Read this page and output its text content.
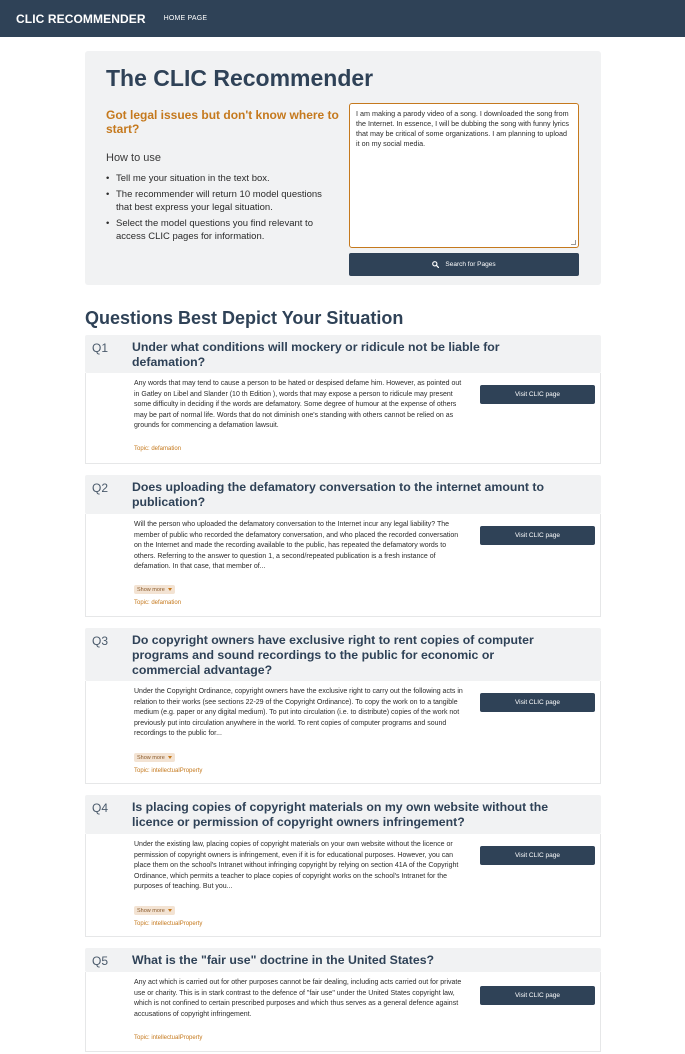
CLIC RECOMMENDER	HOME PAGE
The CLIC Recommender
Got legal issues but don't know where to start?
How to use
• Tell me your situation in the text box.
• The recommender will return 10 model questions that best express your legal situation.
• Select the model questions you find relevant to access CLIC pages for information.
I am making a parody video of a song. I downloaded the song from the Internet. In essence, I will be dubbing the song with funny lyrics that may be critical of some organizations. I am planning to upload it on my social media.
Search for Pages
Questions Best Depict Your Situation
Q1 Under what conditions will mockery or ridicule not be liable for defamation?
Any words that may tend to cause a person to be hated or despised defame him. However, as pointed out in Gatley on Libel and Slander (10 th Edition ), words that may expose a person to ridicule may present some difficulty in deciding if the words are defamatory. Some degree of humour at the expense of others may be part of normal life. Words that do not diminish one's standing with others cannot be relied on as grounds for commencing a defamation lawsuit.
Topic: defamation
Visit CLIC page
Q2 Does uploading the defamatory conversation to the internet amount to publication?
Will the person who uploaded the defamatory conversation to the Internet incur any legal liability? The member of public who recorded the defamatory conversation, and who placed the recorded conversation on the Internet and made the recording available to the public, has repeated the defamatory words to others. Referring to the answer to question 1, a second/repeated publication is a fresh instance of defamation. In that case, that member of...
Show more
Topic: defamation
Visit CLIC page
Q3 Do copyright owners have exclusive right to rent copies of computer programs and sound recordings to the public for economic or commercial advantage?
Under the Copyright Ordinance, copyright owners have the exclusive right to carry out the following acts in relation to their works (see sections 22-29 of the Copyright Ordinance). To copy the work on to a tangible medium (e.g. paper or any digital medium). To put into circulation (i.e. to distribute) copies of the work not previously put into circulation anywhere in the world. To rent copies of computer programs and sound recordings to the public for...
Show more
Topic: intellectualProperty
Visit CLIC page
Q4 Is placing copies of copyright materials on my own website without the licence or permission of copyright owners infringement?
Under the existing law, placing copies of copyright materials on your own website without the licence or permission of copyright owners is infringement, even if it is for educational purposes. However, you can place them on the school's Intranet without infringing copyright by relying on section 41A of the Copyright Ordinance, which permits a teacher to place copies of copyright works on the school's Intranet for the purposes of teaching. But you...
Show more
Topic: intellectualProperty
Visit CLIC page
Q5 What is the "fair use" doctrine in the United States?
Any act which is carried out for other purposes cannot be fair dealing, including acts carried out for private use or charity. This is in stark contrast to the defence of "fair use" under the United States copyright law, which is not confined to certain prescribed purposes and which thus serves as a general defence against accusations of copyright infringement.
Topic: intellectualProperty
Visit CLIC page
